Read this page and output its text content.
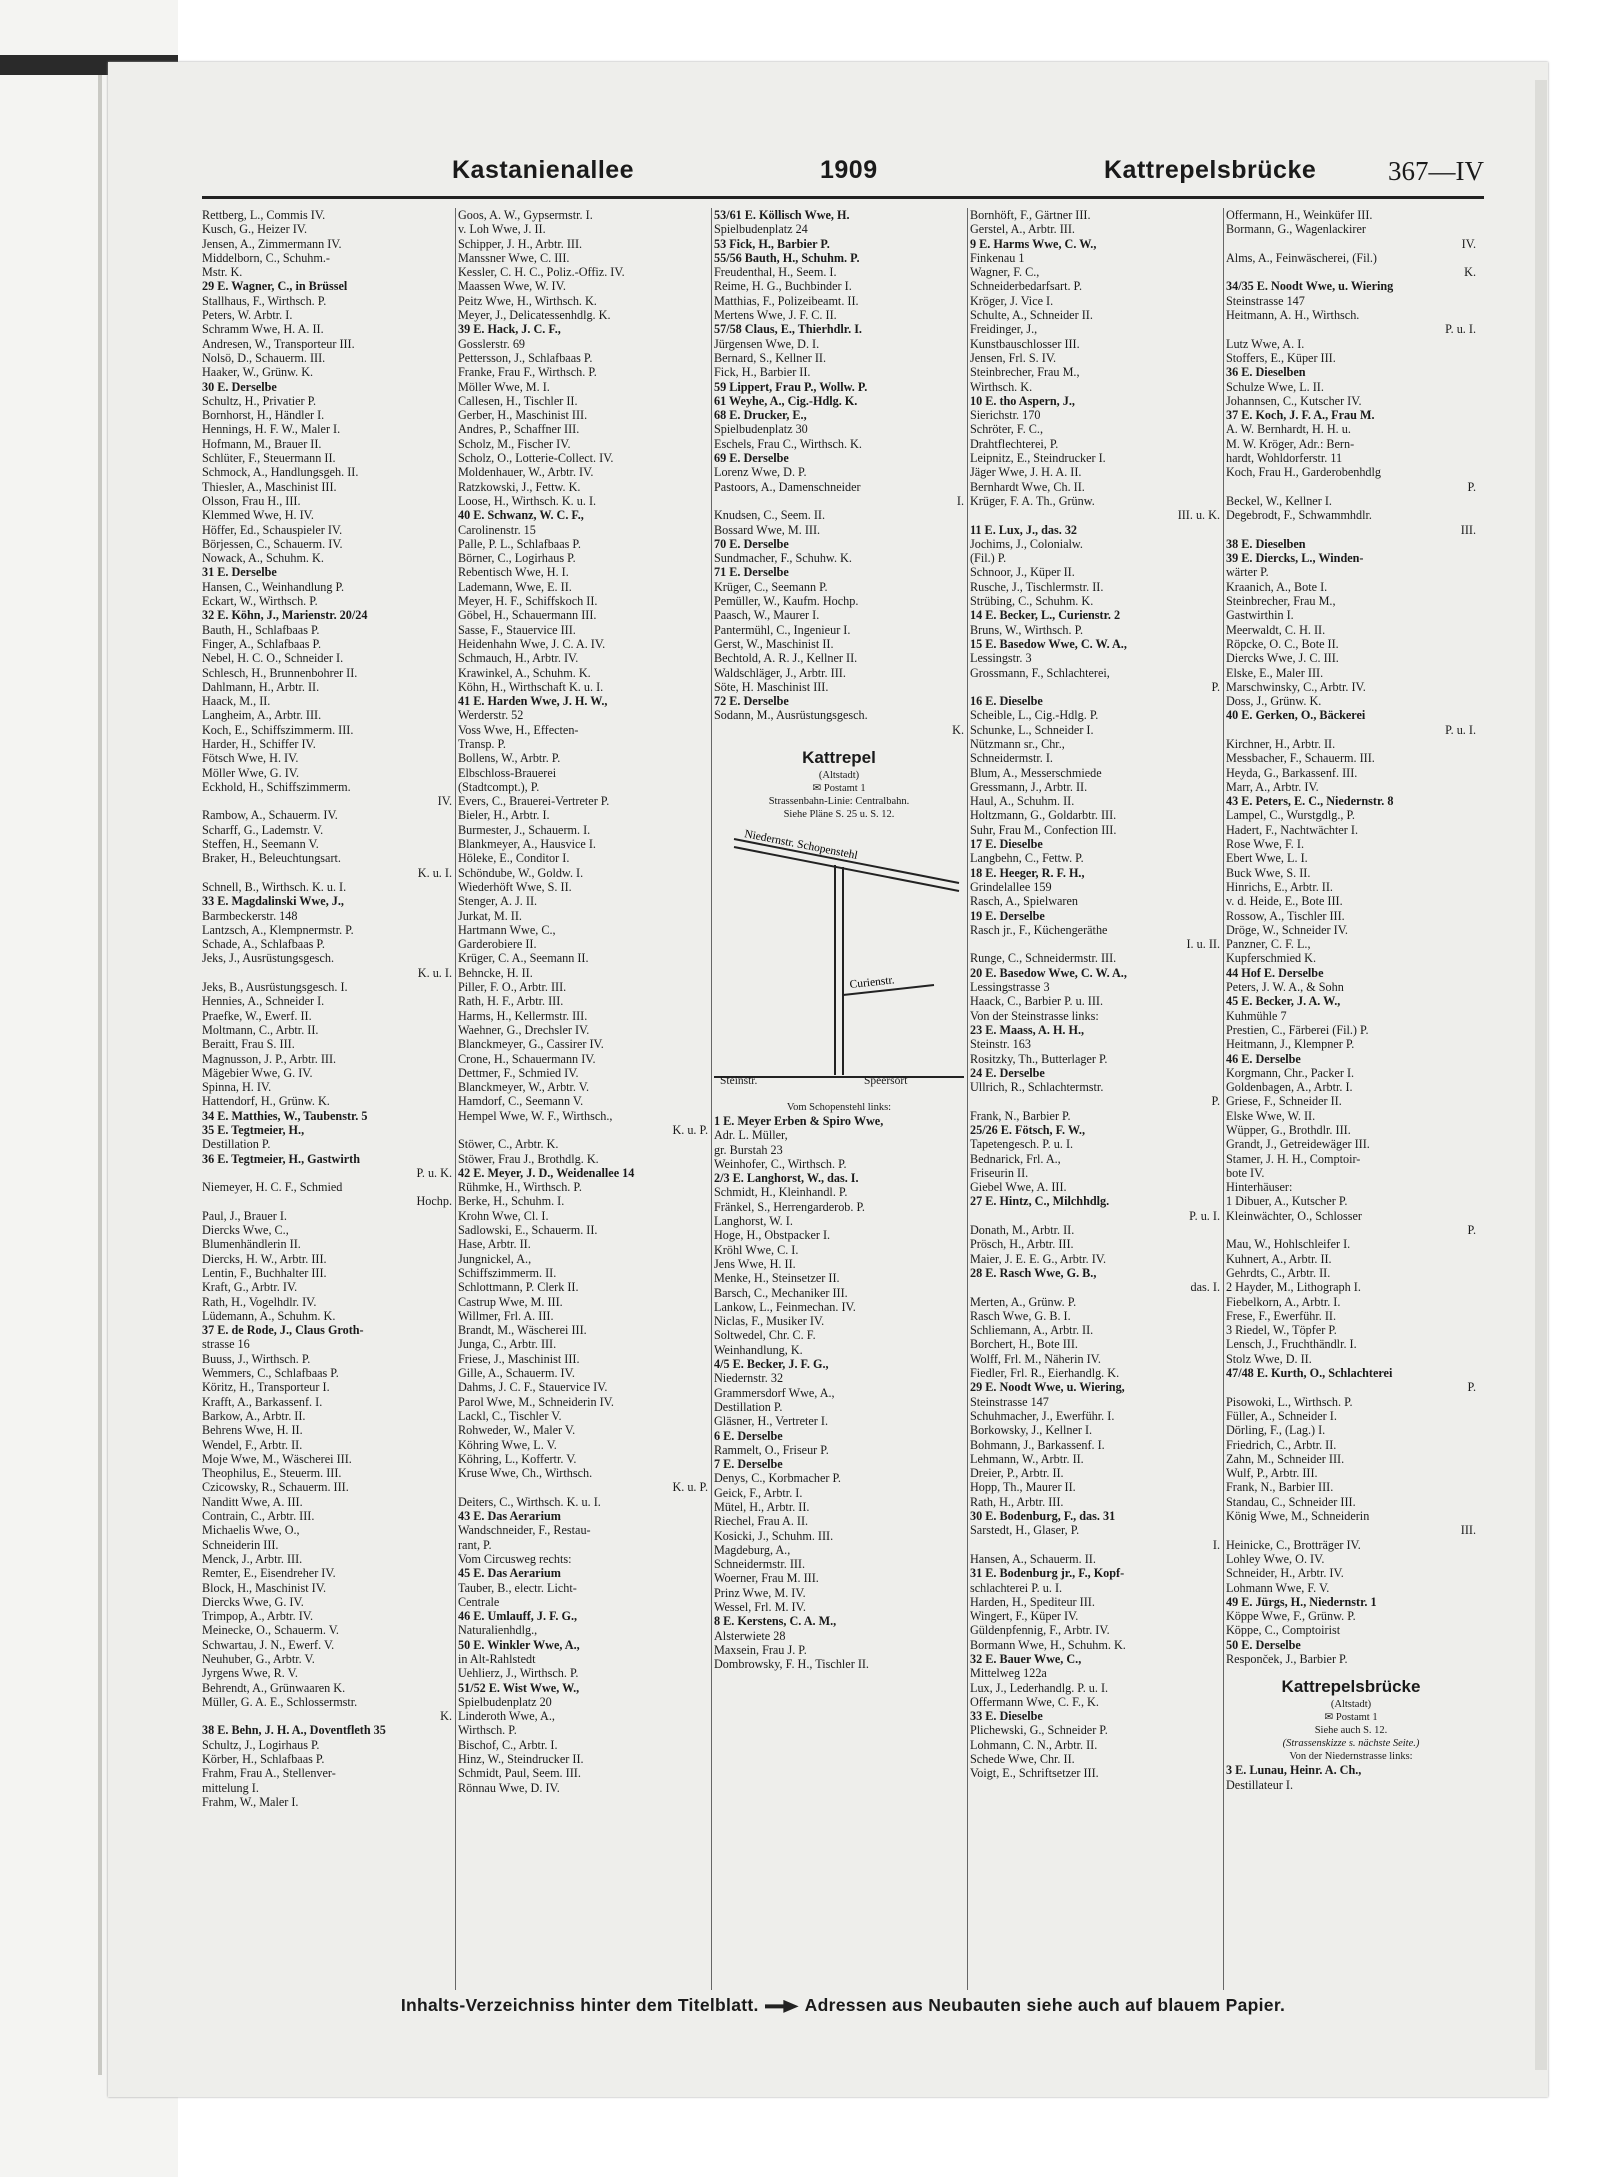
Kastanienallee	1909	Kattrepelsbrücke	367—IV
Rettberg, L., Commis IV.
Kusch, G., Heizer IV.
Jensen, A., Zimmermann IV.
Middelborn, C., Schuhm.-
Mstr. K.
29 E. Wagner, C., in Brüssel
Stallhaus, F., Wirthsch. P.
Peters, W. Arbtr. I.
Schramm Wwe, H. A. II.
Andresen, W., Transporteur III.
Nolsö, D., Schauerm. III.
Haaker, W., Grünw. K.
30 E. Derselbe
Schultz, H., Privatier P.
Bornhorst, H., Händler I.
Hennings, H. F. W., Maler I.
Hofmann, M., Brauer II.
Schlüter, F., Steuermann II.
Schmock, A., Handlungsgeh. II.
Thiesler, A., Maschinist III.
Olsson, Frau H., III.
Klemmed Wwe, H. IV.
Höffer, Ed., Schauspieler IV.
Börjessen, C., Schauerm. IV.
Nowack, A., Schuhm. K.
31 E. Derselbe
Hansen, C., Weinhandlung P.
Eckart, W., Wirthsch. P.
32 E. Köhn, J., Marienstr. 20/24
Bauth, H., Schlafbaas P.
Finger, A., Schlafbaas P.
Nebel, H. C. O., Schneider I.
Schlesch, H., Brunnenbohrer II.
Dahlmann, H., Arbtr. II.
Haack, M., II.
Langheim, A., Arbtr. III.
Koch, E., Schiffszimmerm. III.
Harder, H., Schiffer IV.
Fötsch Wwe, H. IV.
Möller Wwe, G. IV.
Eckhold, H., Schiffszimmerm.
IV.
Rambow, A., Schauerm. IV.
Scharff, G., Lademstr. V.
Steffen, H., Seemann V.
Braker, H., Beleuchtungsart.
K. u. I.
Schnell, B., Wirthsch. K. u. I.
33 E. Magdalinski Wwe, J.,
Barmbeckerstr. 148
Lantzsch, A., Klempnermstr. P.
Schade, A., Schlafbaas P.
Jeks, J., Ausrüstungsgesch.
K. u. I.
Jeks, B., Ausrüstungsgesch. I.
Hennies, A., Schneider I.
Praefke, W., Ewerf. II.
Moltmann, C., Arbtr. II.
Beraitt, Frau S. III.
Magnusson, J. P., Arbtr. III.
Mägebier Wwe, G. IV.
Spinna, H. IV.
Hattendorf, H., Grünw. K.
34 E. Matthies, W., Taubenstr. 5
35 E. Tegtmeier, H.,
Destillation P.
36 E. Tegtmeier, H., Gastwirth
P. u. K.
Niemeyer, H. C. F., Schmied
Hochp.
Paul, J., Brauer I.
Diercks Wwe, C.,
Blumenhändlerin II.
Diercks, H. W., Arbtr. III.
Lentin, F., Buchhalter III.
Kraft, G., Arbtr. IV.
Rath, H., Vogelhdlr. IV.
Lüdemann, A., Schuhm. K.
37 E. de Rode, J., Claus Groth-
strasse 16
Buuss, J., Wirthsch. P.
Wemmers, C., Schlafbaas P.
Köritz, H., Transporteur I.
Krafft, A., Barkassenf. I.
Barkow, A., Arbtr. II.
Behrens Wwe, H. II.
Wendel, F., Arbtr. II.
Moje Wwe, M., Wäscherei III.
Theophilus, E., Steuerm. III.
Czicowsky, R., Schauerm. III.
Nanditt Wwe, A. III.
Contrain, C., Arbtr. III.
Michaelis Wwe, O.,
Schneiderin III.
Menck, J., Arbtr. III.
Remter, E., Eisendreher IV.
Block, H., Maschinist IV.
Diercks Wwe, G. IV.
Trimpop, A., Arbtr. IV.
Meinecke, O., Schauerm. V.
Schwartau, J. N., Ewerf. V.
Neuhuber, G., Arbtr. V.
Jyrgens Wwe, R. V.
Behrendt, A., Grünwaaren K.
Müller, G. A. E., Schlossermstr.
K.
38 E. Behn, J. H. A., Doventfleth 35
Schultz, J., Logirhaus P.
Körber, H., Schlafbaas P.
Frahm, Frau A., Stellenver-
mittelung I.
Frahm, W., Maler I.
Goos, A. W., Gypsermstr. I.
v. Loh Wwe, J. II.
Schipper, J. H., Arbtr. III.
Manssner Wwe, C. III.
Kessler, C. H. C., Poliz.-Offiz. IV.
Maassen Wwe, W. IV.
Peitz Wwe, H., Wirthsch. K.
Meyer, J., Delicatessenhdlg. K.
39 E. Hack, J. C. F.,
Gosslerstr. 69
Pettersson, J., Schlafbaas P.
Franke, Frau F., Wirthsch. P.
Möller Wwe, M. I.
Callesen, H., Tischler II.
Gerber, H., Maschinist III.
Andres, P., Schaffner III.
Scholz, M., Fischer IV.
Scholz, O., Lotterie-Collect. IV.
Moldenhauer, W., Arbtr. IV.
Ratzkowski, J., Fettw. K.
Loose, H., Wirthsch. K. u. I.
40 E. Schwanz, W. C. F.,
Carolinenstr. 15
Palle, P. L., Schlafbaas P.
Börner, C., Logirhaus P.
Rebentisch Wwe, H. I.
Lademann, Wwe, E. II.
Meyer, H. F., Schiffskoch II.
Göbel, H., Schauermann III.
Sasse, F., Stauervice III.
Heidenhahn Wwe, J. C. A. IV.
Schmauch, H., Arbtr. IV.
Krawinkel, A., Schuhm. K.
Köhn, H., Wirthschaft K. u. I.
41 E. Harden Wwe, J. H. W.,
Werderstr. 52
Voss Wwe, H., Effecten-
Transp. P.
Bollens, W., Arbtr. P.
Elbschloss-Brauerei
(Stadtcompt.), P.
Evers, C., Brauerei-Vertreter P.
Bieler, H., Arbtr. I.
Burmester, J., Schauerm. I.
Blankmeyer, A., Hausvice I.
Höleke, E., Conditor I.
Schöndube, W., Goldw. I.
Wiederhöft Wwe, S. II.
Stenger, A. J. II.
Jurkat, M. II.
Hartmann Wwe, C.,
Garderobiere II.
Krüger, C. A., Seemann II.
Behncke, H. II.
Piller, F. O., Arbtr. III.
Rath, H. F., Arbtr. III.
Harms, H., Kellermstr. III.
Waehner, G., Drechsler IV.
Blanckmeyer, G., Cassirer IV.
Crone, H., Schauermann IV.
Dettmer, F., Schmied IV.
Blanckmeyer, W., Arbtr. V.
Hamdorf, C., Seemann V.
Hempel Wwe, W. F., Wirthsch.,
K. u. P.
Stöwer, C., Arbtr. K.
Stöwer, Frau J., Brothdlg. K.
42 E. Meyer, J. D., Weidenallee 14
Rühmke, H., Wirthsch. P.
Berke, H., Schuhm. I.
Krohn Wwe, Cl. I.
Sadlowski, E., Schauerm. II.
Hase, Arbtr. II.
Jungnickel, A.,
Schiffszimmerm. II.
Schlottmann, P. Clerk II.
Castrup Wwe, M. III.
Willmer, Frl. A. III.
Brandt, M., Wäscherei III.
Junga, C., Arbtr. III.
Friese, J., Maschinist III.
Gille, A., Schauerm. IV.
Dahms, J. C. F., Stauervice IV.
Parol Wwe, M., Schneiderin IV.
Lackl, C., Tischler V.
Rohweder, W., Maler V.
Köhring Wwe, L. V.
Köhring, L., Koffertr. V.
Kruse Wwe, Ch., Wirthsch.
K. u. P.
Deiters, C., Wirthsch. K. u. I.
43 E. Das Aerarium
Wandschneider, F., Restau-
rant, P.
Vom Circusweg rechts:
45 E. Das Aerarium
Tauber, B., electr. Licht-
Centrale
46 E. Umlauff, J. F. G.,
Naturalienhdlg.,
50 E. Winkler Wwe, A.,
in Alt-Rahlstedt
Uehlierz, J., Wirthsch. P.
51/52 E. Wist Wwe, W.,
Spielbudenplatz 20
Linderoth Wwe, A.,
Wirthsch. P.
Bischof, C., Arbtr. I.
Hinz, W., Steindrucker II.
Schmidt, Paul, Seem. III.
Rönnau Wwe, D. IV.
53/61 E. Köllisch Wwe, H.
Spielbudenplatz 24
53 Fick, H., Barbier P.
55/56 Bauth, H., Schuhm. P.
Freudenthal, H., Seem. I.
Reime, H. G., Buchbinder I.
Matthias, F., Polizeibeamt. II.
Mertens Wwe, J. F. C. II.
57/58 Claus, E., Thierhdlr. I.
Jürgensen Wwe, D. I.
Bernard, S., Kellner II.
Fick, H., Barbier II.
59 Lippert, Frau P., Wollw. P.
61 Weyhe, A., Cig.-Hdlg. K.
68 E. Drucker, E.,
Spielbudenplatz 30
Eschels, Frau C., Wirthsch. K.
69 E. Derselbe
Lorenz Wwe, D. P.
Pastoors, A., Damenschneider
I.
Knudsen, C., Seem. II.
Bossard Wwe, M. III.
70 E. Derselbe
Sundmacher, F., Schuhw. K.
71 E. Derselbe
Krüger, C., Seemann P.
Pemüller, W., Kaufm. Hochp.
Paasch, W., Maurer I.
Pantermühl, C., Ingenieur I.
Gerst, W., Maschinist II.
Bechtold, A. R. J., Kellner II.
Waldschläger, J., Arbtr. III.
Söte, H. Maschinist III.
72 E. Derselbe
Sodann, M., Ausrüstungsgesch.
K.
Kattrepel
(Altstadt)
✉ Postamt 1
Strassenbahn-Linie: Centralbahn.
Siehe Pläne S. 25 u. S. 12.
Niedernstr. Schopenstehl
Curienstr.
Steinstr.	Speersort
Vom Schopenstehl links:
1 E. Meyer Erben & Spiro Wwe,
Adr. L. Müller,
gr. Burstah 23
Weinhofer, C., Wirthsch. P.
2/3 E. Langhorst, W., das. I.
Schmidt, H., Kleinhandl. P.
Fränkel, S., Herrengarderob. P.
Langhorst, W. I.
Hoge, H., Obstpacker I.
Kröhl Wwe, C. I.
Jens Wwe, H. II.
Menke, H., Steinsetzer II.
Barsch, C., Mechaniker III.
Lankow, L., Feinmechan. IV.
Niclas, F., Musiker IV.
Soltwedel, Chr. C. F.
Weinhandlung, K.
4/5 E. Becker, J. F. G.,
Niedernstr. 32
Grammersdorf Wwe, A.,
Destillation P.
Gläsner, H., Vertreter I.
6 E. Derselbe
Rammelt, O., Friseur P.
7 E. Derselbe
Denys, C., Korbmacher P.
Geick, F., Arbtr. I.
Mütel, H., Arbtr. II.
Riechel, Frau A. II.
Kosicki, J., Schuhm. III.
Magdeburg, A.,
Schneidermstr. III.
Woerner, Frau M. III.
Prinz Wwe, M. IV.
Wessel, Frl. M. IV.
8 E. Kerstens, C. A. M.,
Alsterwiete 28
Maxsein, Frau J. P.
Dombrowsky, F. H., Tischler II.
Bornhöft, F., Gärtner III.
Gerstel, A., Arbtr. III.
9 E. Harms Wwe, C. W.,
Finkenau 1
Wagner, F. C.,
Schneiderbedarfsart. P.
Kröger, J. Vice I.
Schulte, A., Schneider II.
Freidinger, J.,
Kunstbauschlosser III.
Jensen, Frl. S. IV.
Steinbrecher, Frau M.,
Wirthsch. K.
10 E. tho Aspern, J.,
Sierichstr. 170
Schröter, F. C.,
Drahtflechterei, P.
Leipnitz, E., Steindrucker I.
Jäger Wwe, J. H. A. II.
Bernhardt Wwe, Ch. II.
Krüger, F. A. Th., Grünw.
III. u. K.
11 E. Lux, J., das. 32
Jochims, J., Colonialw.
(Fil.) P.
Schnoor, J., Küper II.
Rusche, J., Tischlermstr. II.
Strübing, C., Schuhm. K.
14 E. Becker, L., Curienstr. 2
Bruns, W., Wirthsch. P.
15 E. Basedow Wwe, C. W. A.,
Lessingstr. 3
Grossmann, F., Schlachterei,
P.
16 E. Dieselbe
Scheible, L., Cig.-Hdlg. P.
Schunke, L., Schneider I.
Nützmann sr., Chr.,
Schneidermstr. I.
Blum, A., Messerschmiede
Gressmann, J., Arbtr. II.
Haul, A., Schuhm. II.
Holtzmann, G., Goldarbtr. III.
Suhr, Frau M., Confection III.
17 E. Dieselbe
Langbehn, C., Fettw. P.
18 E. Heeger, R. F. H.,
Grindelallee 159
Rasch, A., Spielwaren
19 E. Derselbe
Rasch jr., F., Küchengeräthe
I. u. II.
Runge, C., Schneidermstr. III.
20 E. Basedow Wwe, C. W. A.,
Lessingstrasse 3
Haack, C., Barbier P. u. III.
Von der Steinstrasse links:
23 E. Maass, A. H. H.,
Steinstr. 163
Rositzky, Th., Butterlager P.
24 E. Derselbe
Ullrich, R., Schlachtermstr.
P.
Frank, N., Barbier P.
25/26 E. Fötsch, F. W.,
Tapetengesch. P. u. I.
Bednarick, Frl. A.,
Friseurin II.
Giebel Wwe, A. III.
27 E. Hintz, C., Milchhdlg.
P. u. I.
Donath, M., Arbtr. II.
Prösch, H., Arbtr. III.
Maier, J. E. E. G., Arbtr. IV.
28 E. Rasch Wwe, G. B.,
das. I.
Merten, A., Grünw. P.
Rasch Wwe, G. B. I.
Schliemann, A., Arbtr. II.
Borchert, H., Bote III.
Wolff, Frl. M., Näherin IV.
Fiedler, Frl. R., Eierhandlg. K.
29 E. Noodt Wwe, u. Wiering,
Steinstrasse 147
Schuhmacher, J., Ewerführ. I.
Borkowsky, J., Kellner I.
Bohmann, J., Barkassenf. I.
Lehmann, W., Arbtr. II.
Dreier, P., Arbtr. II.
Hopp, Th., Maurer II.
Rath, H., Arbtr. III.
30 E. Bodenburg, F., das. 31
Sarstedt, H., Glaser, P.
I.
Hansen, A., Schauerm. II.
31 E. Bodenburg jr., F., Kopf-
schlachterei P. u. I.
Harden, H., Spediteur III.
Wingert, F., Küper IV.
Güldenpfennig, F., Arbtr. IV.
Bormann Wwe, H., Schuhm. K.
32 E. Bauer Wwe, C.,
Mittelweg 122a
Lux, J., Lederhandlg. P. u. I.
Offermann Wwe, C. F., K.
33 E. Dieselbe
Plichewski, G., Schneider P.
Lohmann, C. N., Arbtr. II.
Schede Wwe, Chr. II.
Voigt, E., Schriftsetzer III.
Offermann, H., Weinküfer III.
Bormann, G., Wagenlackirer
IV.
Alms, A., Feinwäscherei, (Fil.)
K.
34/35 E. Noodt Wwe, u. Wiering
Steinstrasse 147
Heitmann, A. H., Wirthsch.
P. u. I.
Lutz Wwe, A. I.
Stoffers, E., Küper III.
36 E. Dieselben
Schulze Wwe, L. II.
Johannsen, C., Kutscher IV.
37 E. Koch, J. F. A., Frau M.
A. W. Bernhardt, H. H. u.
M. W. Kröger, Adr.: Bern-
hardt, Wohldorferstr. 11
Koch, Frau H., Garderobenhdlg
P.
Beckel, W., Kellner I.
Degebrodt, F., Schwammhdlr.
III.
38 E. Dieselben
39 E. Diercks, L., Winden-
wärter P.
Kraanich, A., Bote I.
Steinbrecher, Frau M.,
Gastwirthin I.
Meerwaldt, C. H. II.
Röpcke, O. C., Bote II.
Diercks Wwe, J. C. III.
Elske, E., Maler III.
Marschwinsky, C., Arbtr. IV.
Doss, J., Grünw. K.
40 E. Gerken, O., Bäckerei
P. u. I.
Kirchner, H., Arbtr. II.
Messbacher, F., Schauerm. III.
Heyda, G., Barkassenf. III.
Marr, A., Arbtr. IV.
43 E. Peters, E. C., Niedernstr. 8
Lampel, C., Wurstgdlg., P.
Hadert, F., Nachtwächter I.
Rose Wwe, F. I.
Ebert Wwe, L. I.
Buck Wwe, S. II.
Hinrichs, E., Arbtr. II.
v. d. Heide, E., Bote III.
Rossow, A., Tischler III.
Dröge, W., Schneider IV.
Panzner, C. F. L.,
Kupferschmied K.
44 Hof E. Derselbe
Peters, J. W. A., & Sohn
45 E. Becker, J. A. W.,
Kuhmühle 7
Prestien, C., Färberei (Fil.) P.
Heitmann, J., Klempner P.
46 E. Derselbe
Korgmann, Chr., Packer I.
Goldenbagen, A., Arbtr. I.
Griese, F., Schneider II.
Elske Wwe, W. II.
Wüpper, G., Brothdlr. III.
Grandt, J., Getreidewäger III.
Stamer, J. H. H., Comptoir-
bote IV.
Hinterhäuser:
1 Dibuer, A., Kutscher P.
Kleinwächter, O., Schlosser
P.
Mau, W., Hohlschleifer I.
Kuhnert, A., Arbtr. II.
Gehrdts, C., Arbtr. II.
2 Hayder, M., Lithograph I.
Fiebelkorn, A., Arbtr. I.
Frese, F., Ewerführ. II.
3 Riedel, W., Töpfer P.
Lensch, J., Fruchthändlr. I.
Stolz Wwe, D. II.
47/48 E. Kurth, O., Schlachterei
P.
Pisowoki, L., Wirthsch. P.
Füller, A., Schneider I.
Dörling, F., (Lag.) I.
Friedrich, C., Arbtr. II.
Zahn, M., Schneider III.
Wulf, P., Arbtr. III.
Frank, N., Barbier III.
Standau, C., Schneider III.
König Wwe, M., Schneiderin
III.
Heinicke, C., Brotträger IV.
Lohley Wwe, O. IV.
Schneider, H., Arbtr. IV.
Lohmann Wwe, F. V.
49 E. Jürgs, H., Niedernstr. 1
Köppe Wwe, F., Grünw. P.
Köppe, C., Comptoirist
50 E. Derselbe
Responček, J., Barbier P.
Kattrepelsbrücke
(Altstadt)
✉ Postamt 1
Siehe auch S. 12.
(Strassenskizze s. nächste Seite.)
Von der Niedernstrasse links:
3 E. Lunau, Heinr. A. Ch.,
Destillateur I.
Inhalts-Verzeichniss hinter dem Titelblatt.	Adressen aus Neubauten siehe auch auf blauem Papier.
